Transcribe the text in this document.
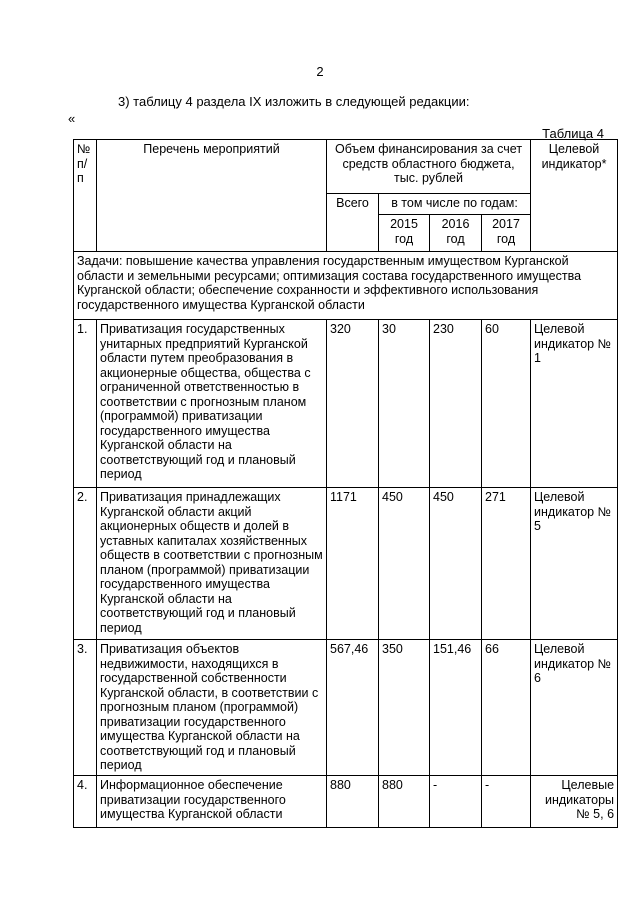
2
3) таблицу 4 раздела IX изложить в следующей редакции:
«
Таблица 4
№ п/п	Перечень мероприятий	Объем финансирования за счет средств областного бюджета, тыс. рублей				Целевой индикатор*
		Всего	в том числе по годам:			
			2015 год	2016 год	2017 год	
Задачи: повышение качества управления государственным имуществом Курганской области и земельными ресурсами; оптимизация состава государственного имущества Курганской области; обеспечение сохранности и эффективного использования государственного имущества Курганской области						
1.	Приватизация государственных унитарных предприятий Курганской области путем преобразования в акционерные общества, общества с ограниченной ответственностью в соответствии с прогнозным планом (программой) приватизации государственного имущества Курганской области на соответствующий год и плановый период	320	30	230	60	Целевой индикатор № 1
2.	Приватизация принадлежащих Курганской области акций акционерных обществ и долей в уставных капиталах хозяйственных обществ в соответствии с прогнозным планом (программой) приватизации государственного имущества Курганской области на соответствующий год и плановый период	1171	450	450	271	Целевой индикатор № 5
3.	Приватизация объектов недвижимости, находящихся в государственной собственности Курганской области, в соответствии с прогнозным планом (программой) приватизации государственного имущества Курганской области на соответствующий год и плановый период	567,46	350	151,46	66	Целевой индикатор № 6
4.	Информационное обеспечение приватизации государственного имущества Курганской области	880	880	-	-	Целевые индикаторы № 5, 6
